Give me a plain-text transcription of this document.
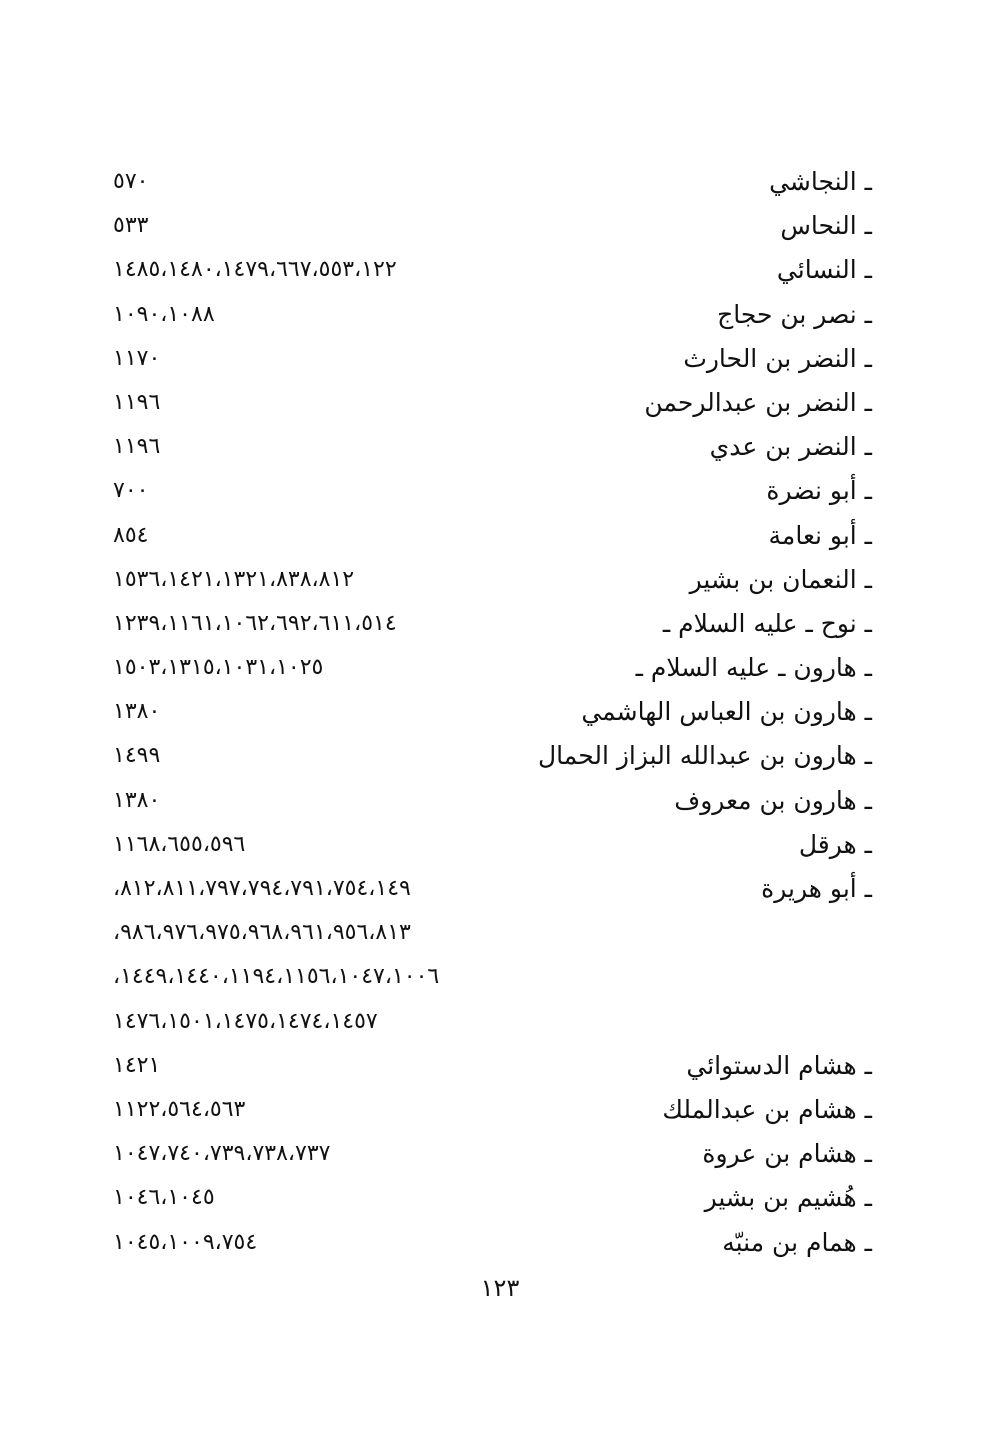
ـ النجاشي
٥٧٠
ـ النحاس
٥٣٣
ـ النسائي
١٤٨٥،١٤٨٠،١٤٧٩،٦٦٧،٥٥٣،١٢٢
ـ نصر بن حجاج
١٠٩٠،١٠٨٨
ـ النضر بن الحارث
١١٧٠
ـ النضر بن عبدالرحمن
١١٩٦
ـ النضر بن عدي
١١٩٦
ـ أبو نضرة
٧٠٠
ـ أبو نعامة
٨٥٤
ـ النعمان بن بشير
١٥٣٦،١٤٢١،١٣٢١،٨٣٨،٨١٢
ـ نوح ـ عليه السلام ـ
١٢٣٩،١١٦١،١٠٦٢،٦٩٢،٦١١،٥١٤
ـ هارون ـ عليه السلام ـ
١٥٠٣،١٣١٥،١٠٣١،١٠٢٥
ـ هارون بن العباس الهاشمي
١٣٨٠
ـ هارون بن عبدالله البزاز الحمال
١٤٩٩
ـ هارون بن معروف
١٣٨٠
ـ هرقل
١١٦٨،٦٥٥،٥٩٦
ـ أبو هريرة
،٨١٢،٨١١،٧٩٧،٧٩٤،٧٩١،٧٥٤،١٤٩
،٩٨٦،٩٧٦،٩٧٥،٩٦٨،٩٦١،٩٥٦،٨١٣
،١٤٤٩،١٤٤٠،١١٩٤،١١٥٦،١٠٤٧،١٠٠٦
١٤٧٦،١٥٠١،١٤٧٥،١٤٧٤،١٤٥٧
ـ هشام الدستوائي
١٤٢١
ـ هشام بن عبدالملك
١١٢٢،٥٦٤،٥٦٣
ـ هشام بن عروة
١٠٤٧،٧٤٠،٧٣٩،٧٣٨،٧٣٧
ـ هُشيم بن بشير
١٠٤٦،١٠٤٥
ـ همام بن منبّه
١٠٤٥،١٠٠٩،٧٥٤
١٢٣
